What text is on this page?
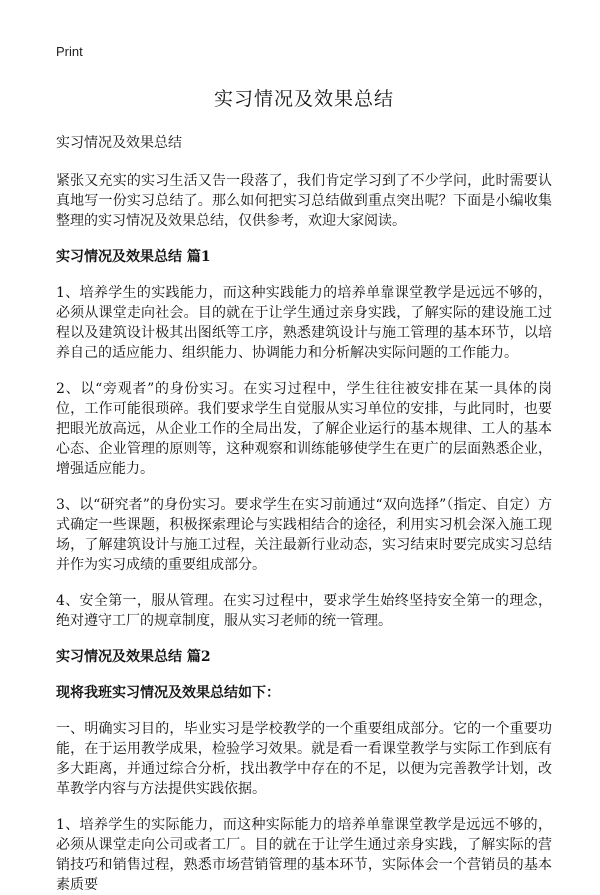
Print
实习情况及效果总结
实习情况及效果总结

紧张又充实的实习生活又告一段落了，我们肯定学习到了不少学问，此时需要认真地写一份实习总结了。那么如何把实习总结做到重点突出呢？下面是小编收集整理的实习情况及效果总结，仅供参考，欢迎大家阅读。

实习情况及效果总结 篇1

1、培养学生的实践能力，而这种实践能力的培养单靠课堂教学是远远不够的，必须从课堂走向社会。目的就在于让学生通过亲身实践，了解实际的建设施工过程以及建筑设计极其出图纸等工序，熟悉建筑设计与施工管理的基本环节，以培养自己的适应能力、组织能力、协调能力和分析解决实际问题的工作能力。

2、以“旁观者”的身份实习。在实习过程中，学生往往被安排在某一具体的岗位，工作可能很琐碎。我们要求学生自觉服从实习单位的安排，与此同时，也要把眼光放高远，从企业工作的全局出发，了解企业运行的基本规律、工人的基本心态、企业管理的原则等，这种观察和训练能够使学生在更广的层面熟悉企业，增强适应能力。

3、以“研究者”的身份实习。要求学生在实习前通过“双向选择”（指定、自定）方式确定一些课题，积极探索理论与实践相结合的途径，利用实习机会深入施工现场，了解建筑设计与施工过程，关注最新行业动态，实习结束时要完成实习总结并作为实习成绩的重要组成部分。

4、安全第一，服从管理。在实习过程中，要求学生始终坚持安全第一的理念，绝对遵守工厂的规章制度，服从实习老师的统一管理。

实习情况及效果总结 篇2
现将我班实习情况及效果总结如下：

一、明确实习目的，毕业实习是学校教学的一个重要组成部分。它的一个重要功能，在于运用教学成果，检验学习效果。就是看一看课堂教学与实际工作到底有多大距离，并通过综合分析，找出教学中存在的不足，以便为完善教学计划，改革教学内容与方法提供实践依据。

1、培养学生的实际能力，而这种实际能力的培养单靠课堂教学是远远不够的，必须从课堂走向公司或者工厂。目的就在于让学生通过亲身实践，了解实际的营销技巧和销售过程，熟悉市场营销管理的基本环节，实际体会一个营销员的基本素质要
